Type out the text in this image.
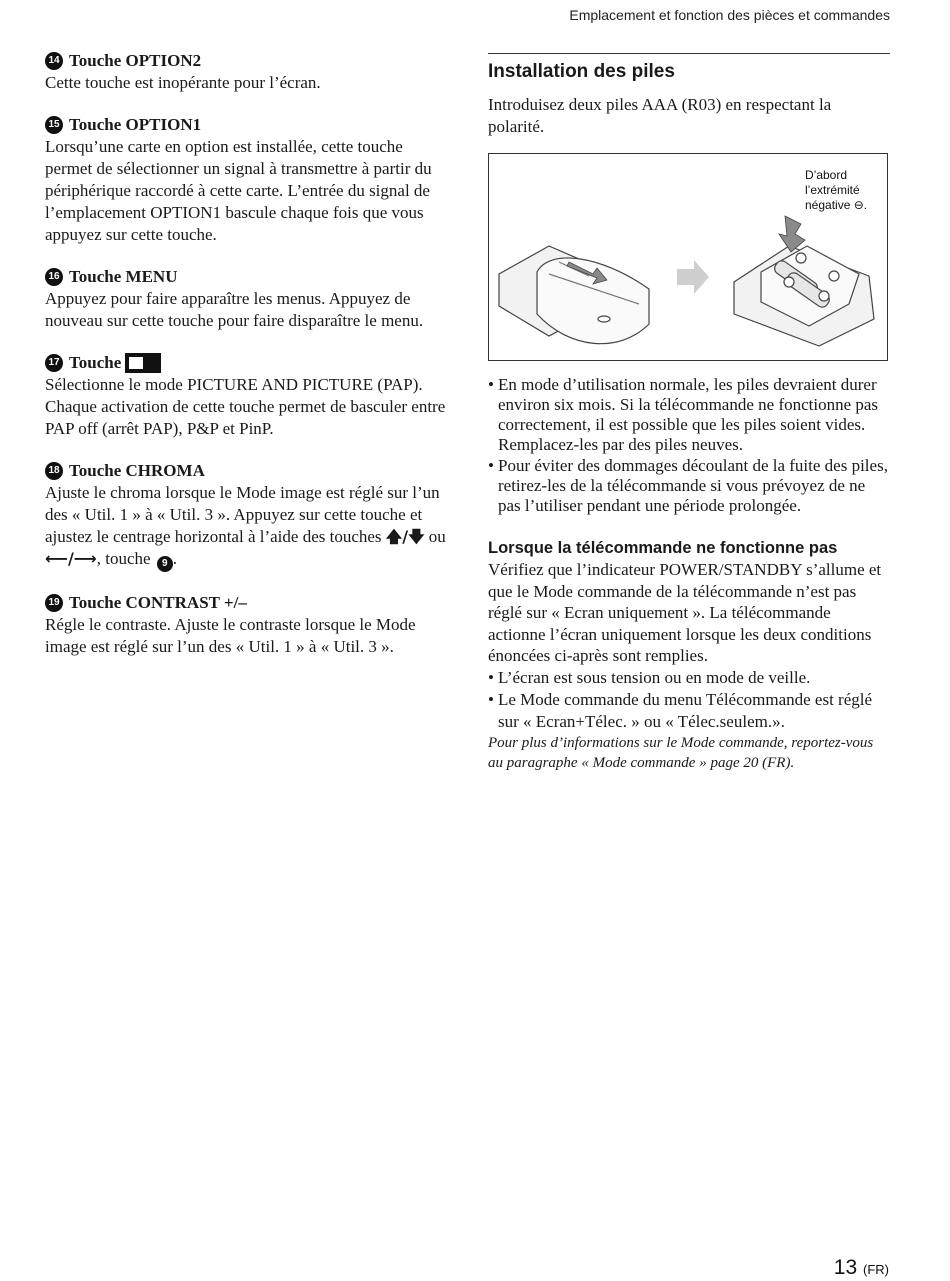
Emplacement et fonction des pièces et commandes

14 Touche OPTION2

Cette touche est inopérante pour l’écran.

15 Touche OPTION1

Lorsqu’une carte en option est installée, cette touche permet de sélectionner un signal à transmettre à partir du périphérique raccordé à cette carte. L’entrée du signal de l’emplacement OPTION1 bascule chaque fois que vous appuyez sur cette touche.

16 Touche MENU

Appuyez pour faire apparaître les menus. Appuyez de nouveau sur cette touche pour faire disparaître le menu.

17 Touche

Sélectionne le mode PICTURE AND PICTURE (PAP). Chaque activation de cette touche permet de basculer entre PAP off (arrêt PAP), P&P et PinP.

18 Touche CHROMA

Ajuste le chroma lorsque le Mode image est réglé sur l’un des « Util. 1 » à « Util. 3 ». Appuyez sur cette touche et ajustez le centrage horizontal à l’aide des touches 🡅/🡇 ou ⟵/⟶, touche 9 .

19 Touche CONTRAST +/–

Régle le contraste. Ajuste le contraste lorsque le Mode image est réglé sur l’un des « Util. 1 » à « Util. 3 ».

Installation des piles

Introduisez deux piles AAA (R03) en respectant la polarité.

D’abord l’extrémité négative ⊖.
• En mode d’utilisation normale, les piles devraient durer environ six mois. Si la télécommande ne fonctionne pas correctement, il est possible que les piles soient vides. Remplacez-les par des piles neuves.
• Pour éviter des dommages découlant de la fuite des piles, retirez-les de la télécommande si vous prévoyez de ne pas l’utiliser pendant une période prolongée.
Lorsque la télécommande ne fonctionne pas

Vérifiez que l’indicateur POWER/STANDBY s’allume et que le Mode commande de la télécommande n’est pas réglé sur « Ecran uniquement ». La télécommande actionne l’écran uniquement lorsque les deux conditions énoncées ci-après sont remplies.

• L’écran est sous tension ou en mode de veille.
• Le Mode commande du menu Télécommande est réglé sur « Ecran+Télec. » ou « Télec.seulem.».

Pour plus d’informations sur le Mode commande, reportez-vous au paragraphe « Mode commande » page 20 (FR).

13 (FR)
